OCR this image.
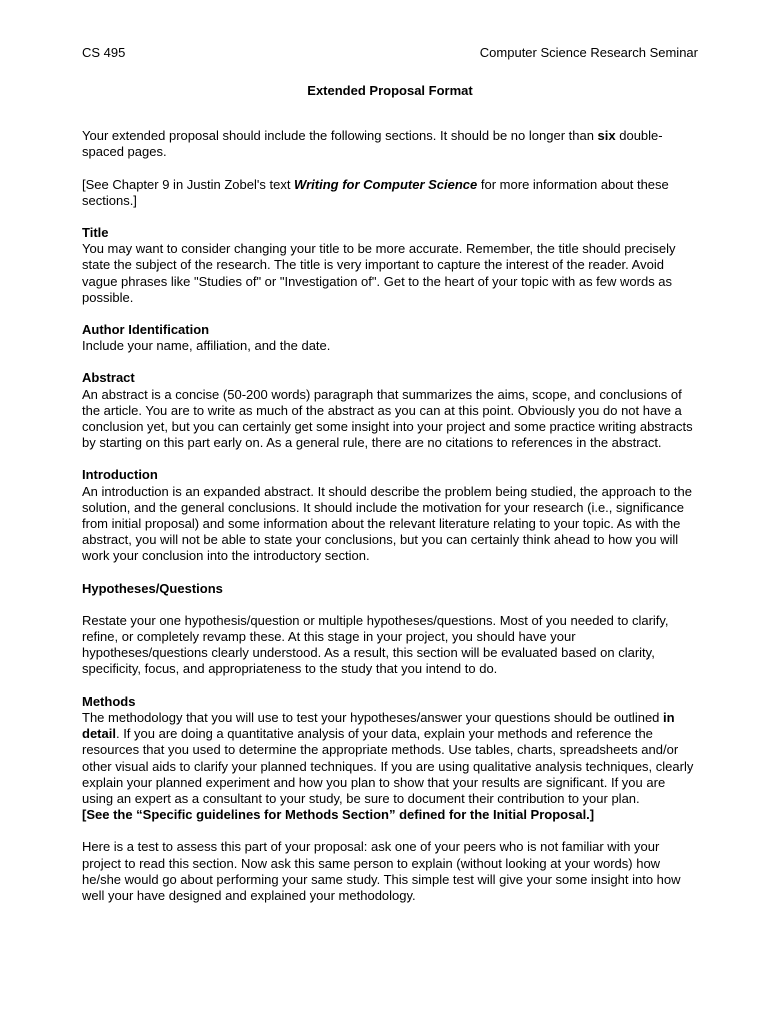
CS 495	Computer Science Research Seminar
Extended Proposal Format

Your extended proposal should include the following sections. It should be no longer than six double-spaced pages.

[See Chapter 9 in Justin Zobel's text Writing for Computer Science for more information about these sections.]

Title

You may want to consider changing your title to be more accurate. Remember, the title should precisely state the subject of the research. The title is very important to capture the interest of the reader. Avoid vague phrases like "Studies of" or "Investigation of". Get to the heart of your topic with as few words as possible.

Author Identification

Include your name, affiliation, and the date.

Abstract

An abstract is a concise (50-200 words) paragraph that summarizes the aims, scope, and conclusions of the article. You are to write as much of the abstract as you can at this point. Obviously you do not have a conclusion yet, but you can certainly get some insight into your project and some practice writing abstracts by starting on this part early on. As a general rule, there are no citations to references in the abstract.

Introduction

An introduction is an expanded abstract. It should describe the problem being studied, the approach to the solution, and the general conclusions. It should include the motivation for your research (i.e., significance from initial proposal) and some information about the relevant literature relating to your topic. As with the abstract, you will not be able to state your conclusions, but you can certainly think ahead to how you will work your conclusion into the introductory section.

Hypotheses/Questions

Restate your one hypothesis/question or multiple hypotheses/questions. Most of you needed to clarify, refine, or completely revamp these. At this stage in your project, you should have your hypotheses/questions clearly understood. As a result, this section will be evaluated based on clarity, specificity, focus, and appropriateness to the study that you intend to do.

Methods

The methodology that you will use to test your hypotheses/answer your questions should be outlined in detail. If you are doing a quantitative analysis of your data, explain your methods and reference the resources that you used to determine the appropriate methods. Use tables, charts, spreadsheets and/or other visual aids to clarify your planned techniques. If you are using qualitative analysis techniques, clearly explain your planned experiment and how you plan to show that your results are significant. If you are using an expert as a consultant to your study, be sure to document their contribution to your plan.
[See the “Specific guidelines for Methods Section” defined for the Initial Proposal.]

Here is a test to assess this part of your proposal: ask one of your peers who is not familiar with your project to read this section. Now ask this same person to explain (without looking at your words) how he/she would go about performing your same study. This simple test will give your some insight into how well your have designed and explained your methodology.
